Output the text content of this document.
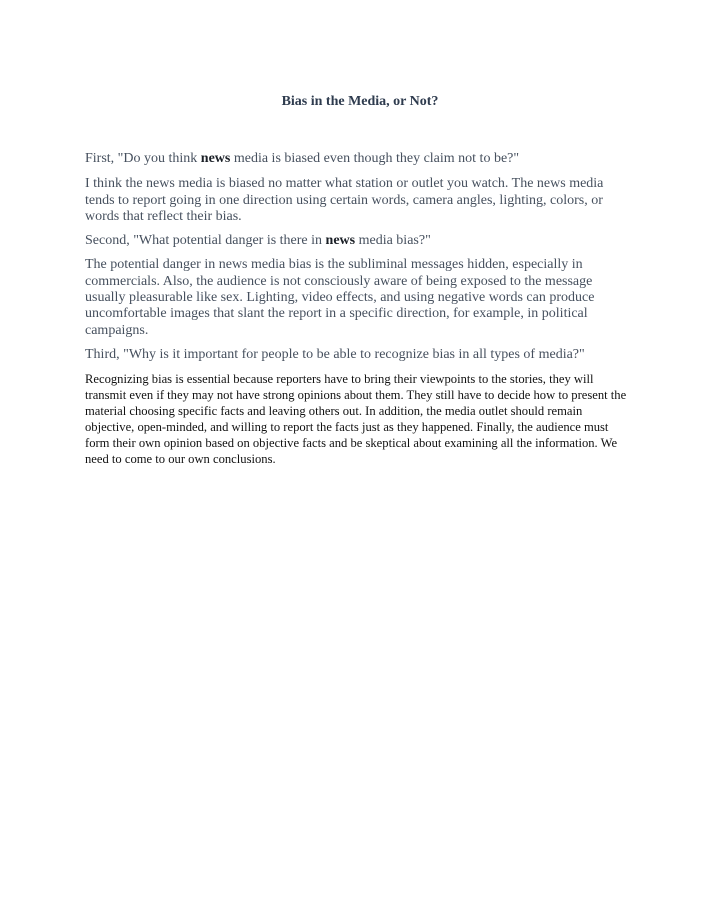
Bias in the Media, or Not?

First, "Do you think news media is biased even though they claim not to be?"

I think the news media is biased no matter what station or outlet you watch. The news media tends to report going in one direction using certain words, camera angles, lighting, colors, or words that reflect their bias.

Second, "What potential danger is there in news media bias?"

The potential danger in news media bias is the subliminal messages hidden, especially in commercials. Also, the audience is not consciously aware of being exposed to the message usually pleasurable like sex. Lighting, video effects, and using negative words can produce uncomfortable images that slant the report in a specific direction, for example, in political campaigns.

Third, "Why is it important for people to be able to recognize bias in all types of media?"

Recognizing bias is essential because reporters have to bring their viewpoints to the stories, they will transmit even if they may not have strong opinions about them. They still have to decide how to present the material choosing specific facts and leaving others out. In addition, the media outlet should remain objective, open-minded, and willing to report the facts just as they happened. Finally, the audience must form their own opinion based on objective facts and be skeptical about examining all the information. We need to come to our own conclusions.
